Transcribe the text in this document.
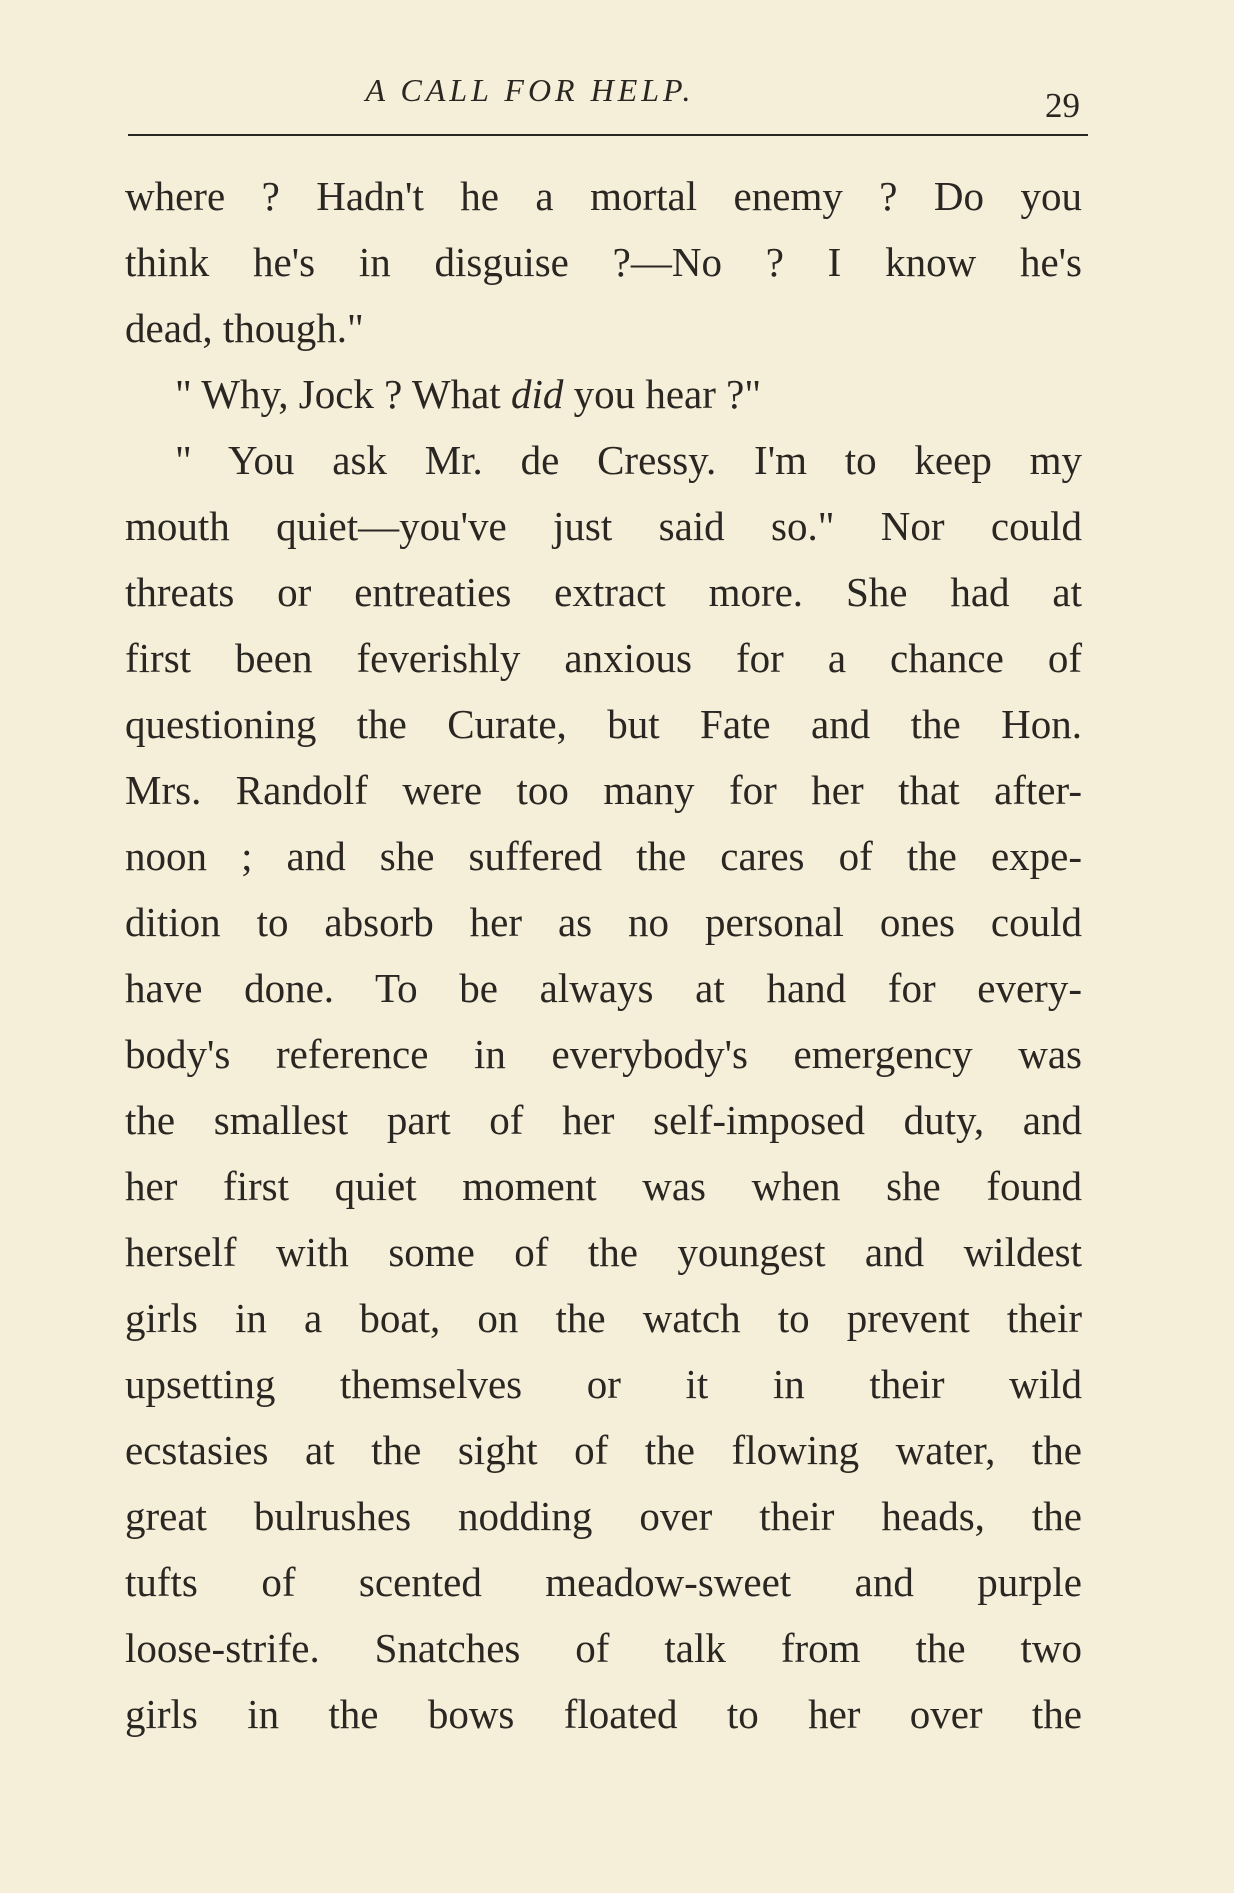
A CALL FOR HELP.	29
where ? Hadn't he a mortal enemy ? Do you
think he's in disguise ?—No ? I know he's
dead, though."
" Why, Jock ? What did you hear ?"
" You ask Mr. de Cressy. I'm to keep my
mouth quiet—you've just said so." Nor could
threats or entreaties extract more. She had at
first been feverishly anxious for a chance of
questioning the Curate, but Fate and the Hon.
Mrs. Randolf were too many for her that after-
noon ; and she suffered the cares of the expe-
dition to absorb her as no personal ones could
have done. To be always at hand for every-
body's reference in everybody's emergency was
the smallest part of her self-imposed duty, and
her first quiet moment was when she found
herself with some of the youngest and wildest
girls in a boat, on the watch to prevent their
upsetting themselves or it in their wild
ecstasies at the sight of the flowing water, the
great bulrushes nodding over their heads, the
tufts of scented meadow-sweet and purple
loose-strife. Snatches of talk from the two
girls in the bows floated to her over the
